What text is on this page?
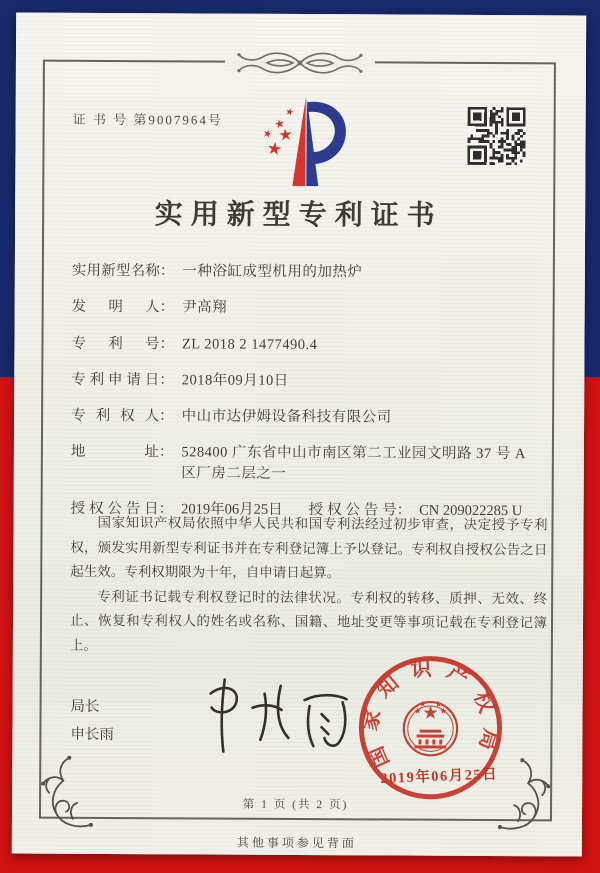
证 书 号 第9007964号
实用新型专利证书
实用新型名称 ： 一种浴缸成型机用的加热炉
发明人 ： 尹高翔
专利号 ： ZL 2018 2 1477490.4
专利申请日 ： 2018年09月10日
专利权人 ： 中山市达伊姆设备科技有限公司
地址 ： 528400 广东省中山市南区第二工业园文明路 37 号 A 区厂房二层之一
授权公告日 ： 2019年06月25日 授权公告号 ： CN 209022285 U

国家知识产权局依照中华人民共和国专利法经过初步审查，决定授予专利权，颁发实用新型专利证书并在专利登记簿上予以登记。专利权自授权公告之日起生效。专利权期限为十年，自申请日起算。

专利证书记载专利权登记时的法律状况。专利权的转移、质押、无效、终止、恢复和专利权人的姓名或名称、国籍、地址变更等事项记载在专利登记簿上。

局长
申长雨	国家知识产权局
2019年06月25日
第 1 页 (共 2 页)
其他事项参见背面
